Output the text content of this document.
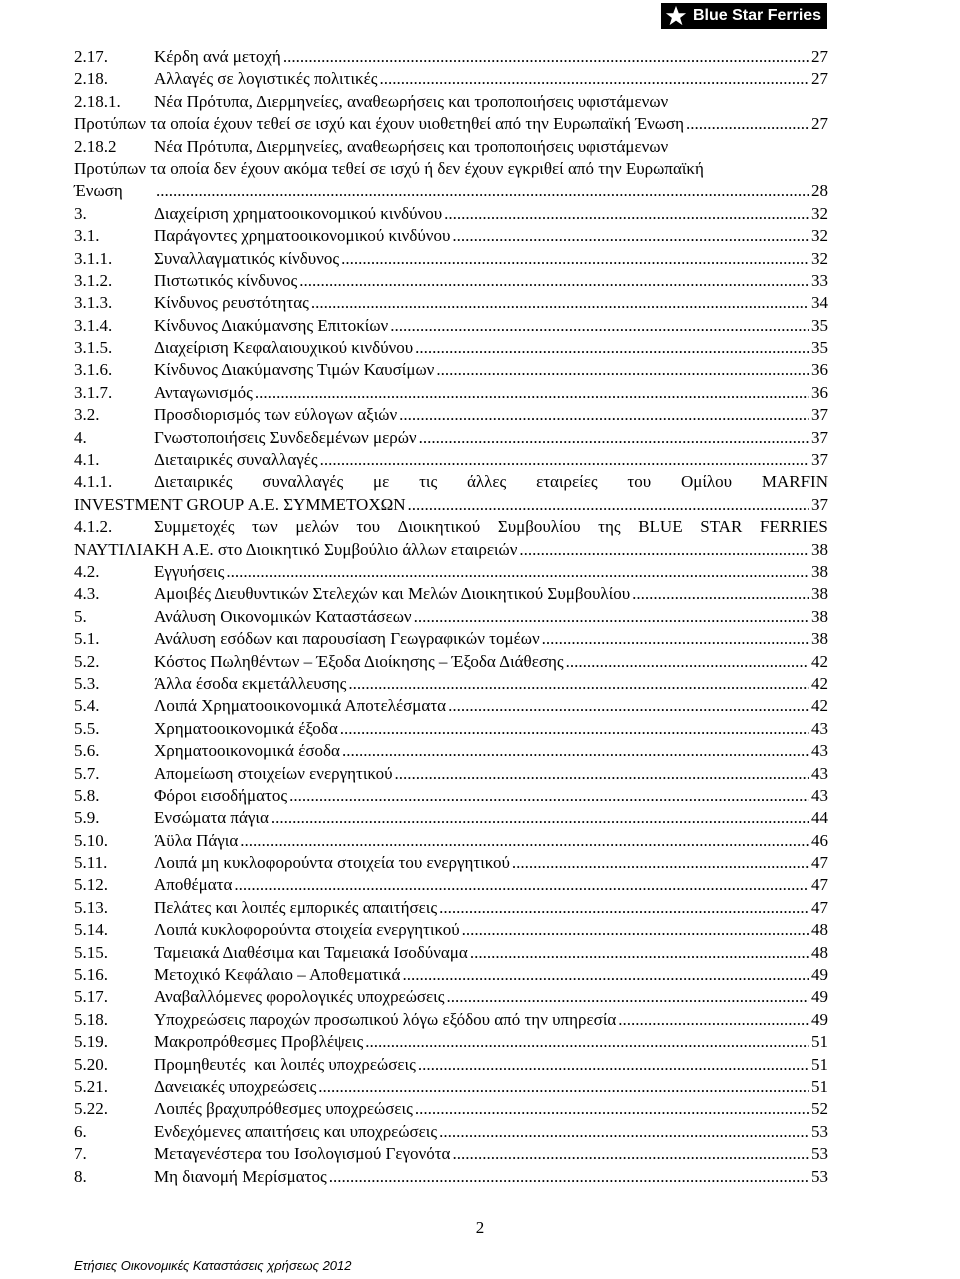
Blue Star Ferries
2.17.	Κέρδη ανά μετοχή .....	27
2.18.	Αλλαγές σε λογιστικές πολιτικές .....	27
2.18.1.	Νέα Πρότυπα, Διερμηνείες, αναθεωρήσεις και τροποποιήσεις υφιστάμενων
Προτύπων τα οποία έχουν τεθεί σε ισχύ και έχουν υιοθετηθεί από την Ευρωπαϊκή Ένωση .....	27
2.18.2	Νέα Πρότυπα, Διερμηνείες, αναθεωρήσεις και τροποποιήσεις υφιστάμενων
Προτύπων τα οποία δεν έχουν ακόμα τεθεί σε ισχύ ή δεν έχουν εγκριθεί από την Ευρωπαϊκή
Ένωση .....	28
3.	Διαχείριση χρηματοοικονομικού κινδύνου .....	32
3.1.	Παράγοντες χρηματοοικονομικού κινδύνου .....	32
3.1.1.	Συναλλαγματικός κίνδυνος .....	32
3.1.2.	Πιστωτικός κίνδυνος .....	33
3.1.3.	Κίνδυνος ρευστότητας .....	34
3.1.4.	Κίνδυνος Διακύμανσης Επιτοκίων .....	35
3.1.5.	Διαχείριση Κεφαλαιουχικού κινδύνου .....	35
3.1.6.	Κίνδυνος Διακύμανσης Τιμών Καυσίμων .....	36
3.1.7.	Ανταγωνισμός .....	36
3.2.	Προσδιορισμός των εύλογων αξιών .....	37
4.	Γνωστοποιήσεις Συνδεδεμένων μερών .....	37
4.1.	Διεταιρικές συναλλαγές .....	37
4.1.1.	Διεταιρικές συναλλαγές με τις άλλες εταιρείες του Ομίλου MARFIN
INVESTMENT GROUP Α.Ε. ΣΥΜΜΕΤΟΧΩΝ .....	37
4.1.2.	Συμμετοχές των μελών του Διοικητικού Συμβουλίου της BLUE STAR FERRIES
ΝΑΥΤΙΛΙΑΚΗ Α.Ε. στο Διοικητικό Συμβούλιο άλλων εταιρειών .....	38
4.2.	Εγγυήσεις .....	38
4.3.	Αμοιβές Διευθυντικών Στελεχών και Μελών Διοικητικού Συμβουλίου .....	38
5.	Ανάλυση Οικονομικών Καταστάσεων .....	38
5.1.	Ανάλυση εσόδων και παρουσίαση Γεωγραφικών τομέων .....	38
5.2.	Κόστος Πωληθέντων – Έξοδα Διοίκησης – Έξοδα Διάθεσης .....	42
5.3.	Άλλα έσοδα εκμετάλλευσης .....	42
5.4.	Λοιπά Χρηματοοικονομικά Αποτελέσματα .....	42
5.5.	Χρηματοοικονομικά έξοδα .....	43
5.6.	Χρηματοοικονομικά έσοδα .....	43
5.7.	Απομείωση στοιχείων ενεργητικού .....	43
5.8.	Φόροι εισοδήματος .....	43
5.9.	Ενσώματα πάγια .....	44
5.10.	Άϋλα Πάγια .....	46
5.11.	Λοιπά μη κυκλοφορούντα στοιχεία του ενεργητικού .....	47
5.12.	Αποθέματα .....	47
5.13.	Πελάτες και λοιπές εμπορικές απαιτήσεις .....	47
5.14.	Λοιπά κυκλοφορούντα στοιχεία ενεργητικού .....	48
5.15.	Ταμειακά Διαθέσιμα και Ταμειακά Ισοδύναμα .....	48
5.16.	Μετοχικό Κεφάλαιο – Αποθεματικά .....	49
5.17.	Αναβαλλόμενες φορολογικές υποχρεώσεις .....	49
5.18.	Υποχρεώσεις παροχών προσωπικού λόγω εξόδου από την υπηρεσία .....	49
5.19.	Μακροπρόθεσμες Προβλέψεις .....	51
5.20.	Προμηθευτές  και λοιπές υποχρεώσεις .....	51
5.21.	Δανειακές υποχρεώσεις .....	51
5.22.	Λοιπές βραχυπρόθεσμες υποχρεώσεις .....	52
6.	Ενδεχόμενες απαιτήσεις και υποχρεώσεις .....	53
7.	Μεταγενέστερα του Ισολογισμού Γεγονότα .....	53
8.	Μη διανομή Μερίσματος .....	53
2
Ετήσιες Οικονομικές Καταστάσεις χρήσεως 2012
